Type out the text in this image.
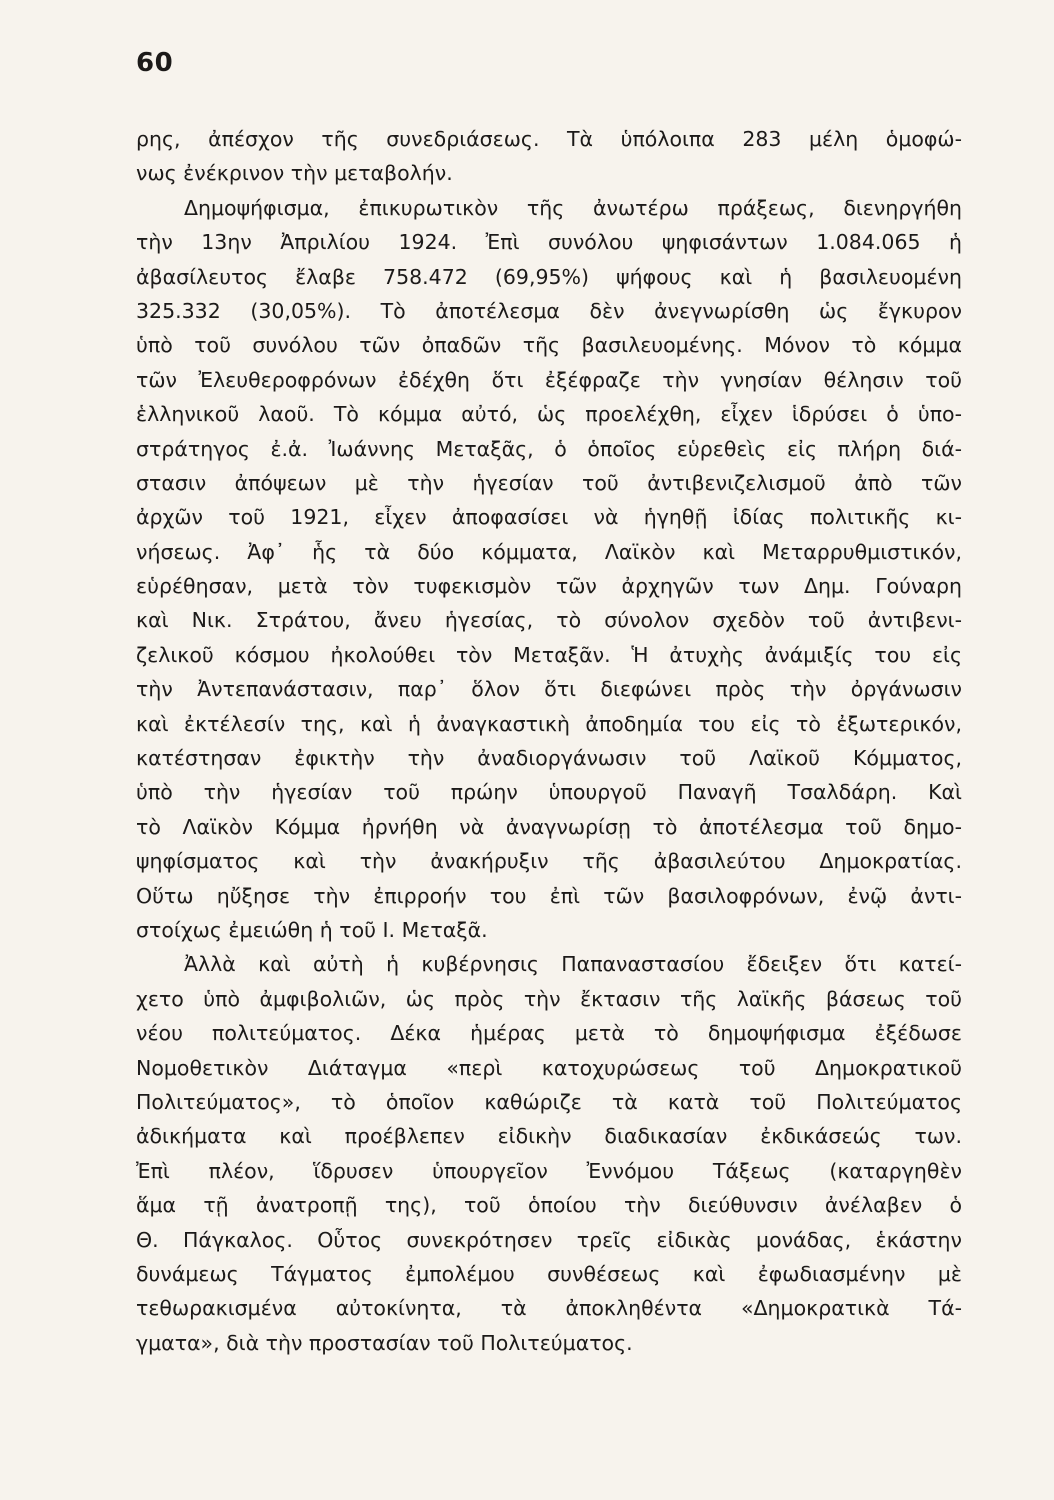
60
ρης, ἀπέσχον τῆς συνεδριάσεως. Τὰ ὑπόλοιπα 283 μέλη ὁμοφώ-
νως ἐνέκρινον τὴν μεταβολήν.
Δημοψήφισμα, ἐπικυρωτικὸν τῆς ἀνωτέρω πράξεως, διενηργήθη
τὴν 13ην Ἀπριλίου 1924. Ἐπὶ συνόλου ψηφισάντων 1.084.065 ἡ
ἀβασίλευτος ἔλαβε 758.472 (69,95%) ψήφους καὶ ἡ βασιλευομένη
325.332 (30,05%). Τὸ ἀποτέλεσμα δὲν ἀνεγνωρίσθη ὡς ἔγκυρον
ὑπὸ τοῦ συνόλου τῶν ὀπαδῶν τῆς βασιλευομένης. Μόνον τὸ κόμμα
τῶν Ἐλευθεροφρόνων ἐδέχθη ὅτι ἐξέφραζε τὴν γνησίαν θέλησιν τοῦ
ἑλληνικοῦ λαοῦ. Τὸ κόμμα αὐτό, ὡς προελέχθη, εἶχεν ἱδρύσει ὁ ὑπο-
στράτηγος ἐ.ἀ. Ἰωάννης Μεταξᾶς, ὁ ὁποῖος εὑρεθεὶς εἰς πλήρη διά-
στασιν ἀπόψεων μὲ τὴν ἡγεσίαν τοῦ ἀντιβενιζελισμοῦ ἀπὸ τῶν
ἀρχῶν τοῦ 1921, εἶχεν ἀποφασίσει νὰ ἡγηθῇ ἰδίας πολιτικῆς κι-
νήσεως. Ἀφ᾽ ἧς τὰ δύο κόμματα, Λαϊκὸν καὶ Μεταρρυθμιστικόν,
εὑρέθησαν, μετὰ τὸν τυφεκισμὸν τῶν ἀρχηγῶν των Δημ. Γούναρη
καὶ Νικ. Στράτου, ἄνευ ἡγεσίας, τὸ σύνολον σχεδὸν τοῦ ἀντιβενι-
ζελικοῦ κόσμου ἠκολούθει τὸν Μεταξᾶν. Ἡ ἀτυχὴς ἀνάμιξίς του εἰς
τὴν Ἀντεπανάστασιν, παρ᾽ ὅλον ὅτι διεφώνει πρὸς τὴν ὀργάνωσιν
καὶ ἐκτέλεσίν της, καὶ ἡ ἀναγκαστικὴ ἀποδημία του εἰς τὸ ἐξωτερικόν,
κατέστησαν ἐφικτὴν τὴν ἀναδιοργάνωσιν τοῦ Λαϊκοῦ Κόμματος,
ὑπὸ τὴν ἡγεσίαν τοῦ πρώην ὑπουργοῦ Παναγῆ Τσαλδάρη. Καὶ
τὸ Λαϊκὸν Κόμμα ἠρνήθη νὰ ἀναγνωρίσῃ τὸ ἀποτέλεσμα τοῦ δημο-
ψηφίσματος καὶ τὴν ἀνακήρυξιν τῆς ἀβασιλεύτου Δημοκρατίας.
Οὕτω ηὔξησε τὴν ἐπιρροήν του ἐπὶ τῶν βασιλοφρόνων, ἐνῷ ἀντι-
στοίχως ἐμειώθη ἡ τοῦ Ι. Μεταξᾶ.
Ἀλλὰ καὶ αὐτὴ ἡ κυβέρνησις Παπαναστασίου ἔδειξεν ὅτι κατεί-
χετο ὑπὸ ἀμφιβολιῶν, ὡς πρὸς τὴν ἔκτασιν τῆς λαϊκῆς βάσεως τοῦ
νέου πολιτεύματος. Δέκα ἡμέρας μετὰ τὸ δημοψήφισμα ἐξέδωσε
Νομοθετικὸν Διάταγμα «περὶ κατοχυρώσεως τοῦ Δημοκρατικοῦ
Πολιτεύματος», τὸ ὁποῖον καθώριζε τὰ κατὰ τοῦ Πολιτεύματος
ἀδικήματα καὶ προέβλεπεν εἰδικὴν διαδικασίαν ἐκδικάσεώς των.
Ἐπὶ πλέον, ἵδρυσεν ὑπουργεῖον Ἐννόμου Τάξεως (καταργηθὲν
ἅμα τῇ ἀνατροπῇ της), τοῦ ὁποίου τὴν διεύθυνσιν ἀνέλαβεν ὁ
Θ. Πάγκαλος. Οὗτος συνεκρότησεν τρεῖς εἰδικὰς μονάδας, ἑκάστην
δυνάμεως Τάγματος ἐμπολέμου συνθέσεως καὶ ἐφωδιασμένην μὲ
τεθωρακισμένα αὐτοκίνητα, τὰ ἀποκληθέντα «Δημοκρατικὰ Τά-
γματα», διὰ τὴν προστασίαν τοῦ Πολιτεύματος.
